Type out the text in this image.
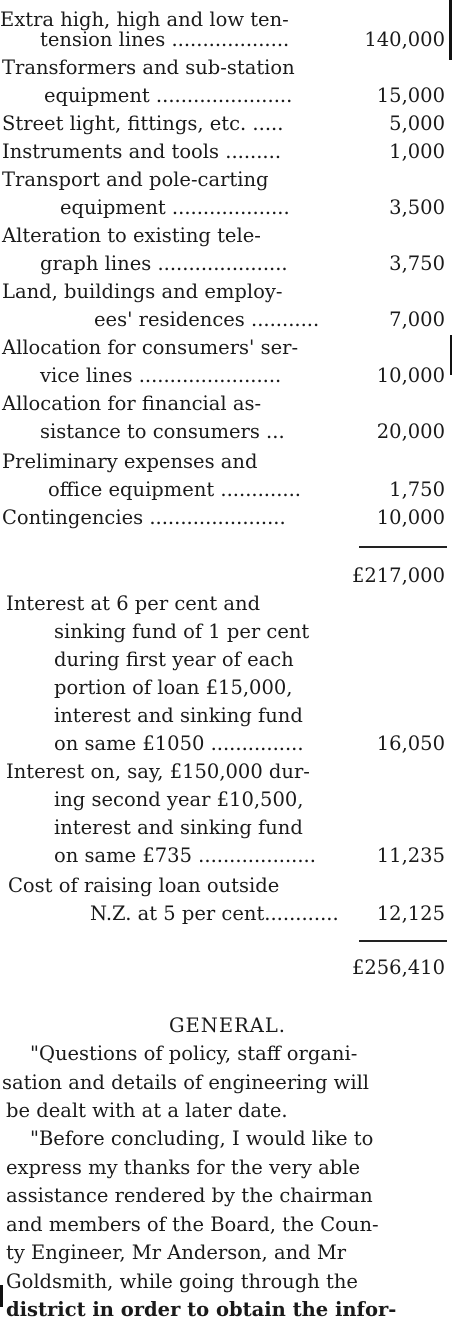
Extra high, high and low ten-
tension lines ...................	140,000
Transformers and sub-station
equipment ......................	15,000
Street light, fittings, etc. .....	5,000
Instruments and tools .........	1,000
Transport and pole-carting
equipment ...................	3,500
Alteration to existing tele-
graph lines .....................	3,750
Land, buildings and employ-
ees' residences ...........	7,000
Allocation for consumers' ser-
vice lines .......................	10,000
Allocation for financial as-
sistance to consumers ...	20,000
Preliminary expenses and
office equipment .............	1,750
Contingencies ......................	10,000
£217,000
Interest at 6 per cent and
sinking fund of 1 per cent
during first year of each
portion of loan £15,000,
interest and sinking fund
on same £1050 ...............	16,050
Interest on, say, £150,000 dur-
ing second year £10,500,
interest and sinking fund
on same £735 ...................	11,235
Cost of raising loan outside
N.Z. at 5 per cent............ 12,125
£256,410
GENERAL.
"Questions of policy, staff organi-
sation and details of engineering will
be dealt with at a later date.
"Before concluding, I would like to
express my thanks for the very able
assistance rendered by the chairman
and members of the Board, the Coun-
ty Engineer, Mr Anderson, and Mr
Goldsmith, while going through the
district in order to obtain the infor-
